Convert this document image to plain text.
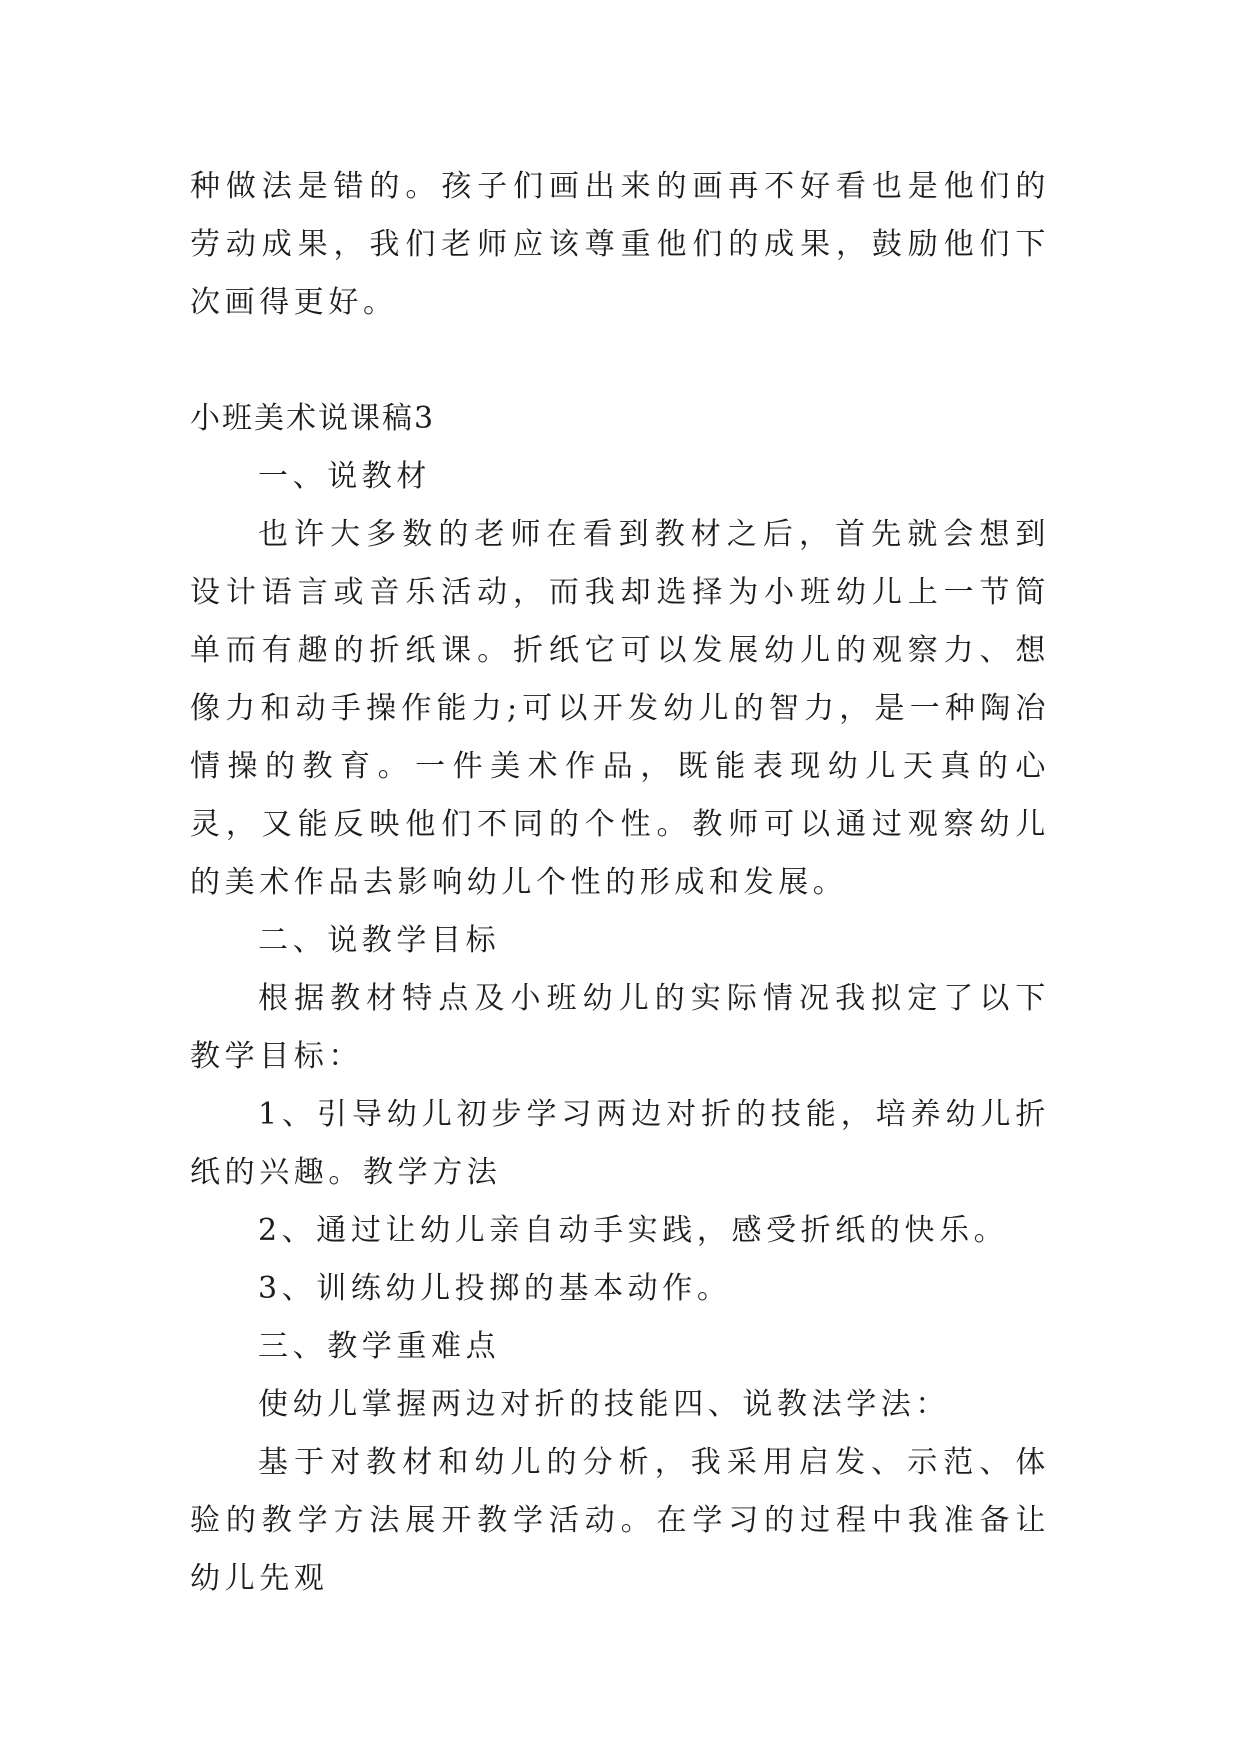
种做法是错的。孩子们画出来的画再不好看也是他们的劳动成果，我们老师应该尊重他们的成果，鼓励他们下次画得更好。

小班美术说课稿3

一、说教材

也许大多数的老师在看到教材之后，首先就会想到设计语言或音乐活动，而我却选择为小班幼儿上一节简单而有趣的折纸课。折纸它可以发展幼儿的观察力、想像力和动手操作能力;可以开发幼儿的智力，是一种陶冶情操的教育。一件美术作品，既能表现幼儿天真的心灵，又能反映他们不同的个性。教师可以通过观察幼儿的美术作品去影响幼儿个性的形成和发展。

二、说教学目标

根据教材特点及小班幼儿的实际情况我拟定了以下教学目标：

1、引导幼儿初步学习两边对折的技能，培养幼儿折纸的兴趣。教学方法

2、通过让幼儿亲自动手实践，感受折纸的快乐。

3、训练幼儿投掷的基本动作。

三、教学重难点

使幼儿掌握两边对折的技能四、说教法学法：

基于对教材和幼儿的分析，我采用启发、示范、体验的教学方法展开教学活动。在学习的过程中我准备让幼儿先观
